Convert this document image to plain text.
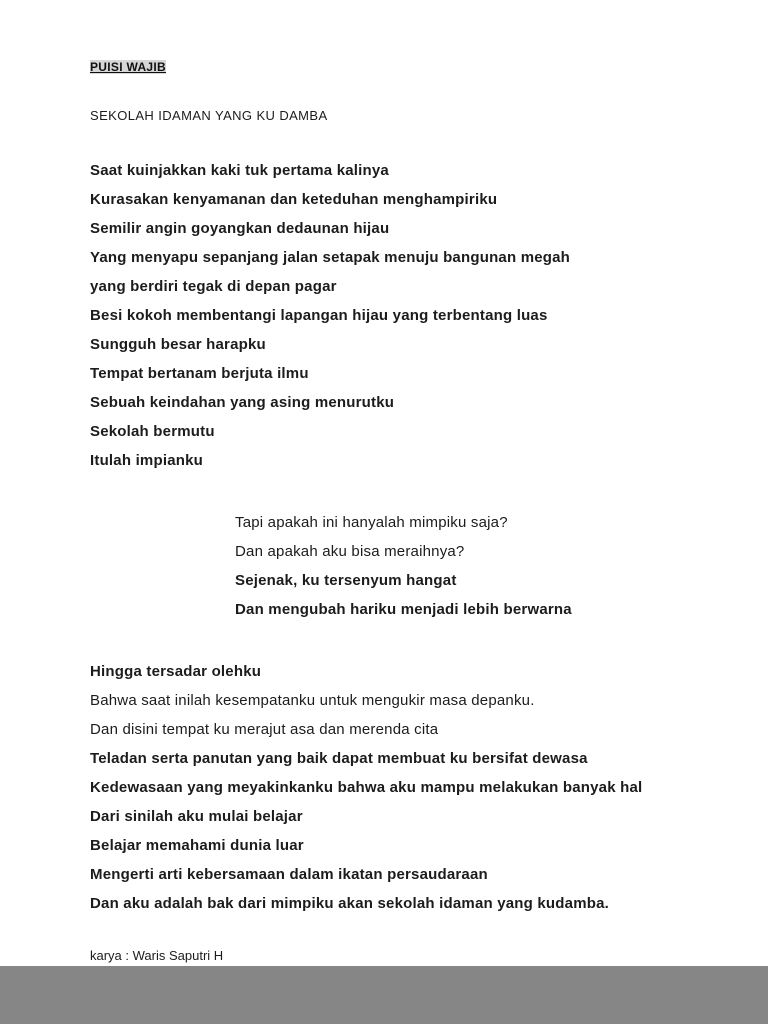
PUISI WAJIB
SEKOLAH IDAMAN YANG KU DAMBA
Saat kuinjakkan kaki tuk pertama kalinya
Kurasakan kenyamanan dan keteduhan menghampiriku
Semilir angin goyangkan dedaunan hijau
Yang menyapu sepanjang jalan setapak menuju bangunan megah
yang berdiri tegak di depan pagar
Besi kokoh membentangi lapangan hijau yang terbentang luas
Sungguh besar harapku
Tempat bertanam berjuta ilmu
Sebuah keindahan yang asing menurutku
Sekolah bermutu
Itulah impianku
Tapi apakah ini hanyalah mimpiku saja?
Dan apakah aku bisa meraihnya?
Sejenak, ku tersenyum hangat
Dan mengubah hariku menjadi lebih berwarna
Hingga tersadar olehku
Bahwa saat inilah kesempatanku untuk mengukir masa depanku.
Dan disini tempat ku merajut asa dan merenda cita
Teladan serta panutan yang baik dapat membuat ku bersifat dewasa
Kedewasaan yang meyakinkanku bahwa aku mampu melakukan banyak hal
Dari sinilah aku mulai belajar
Belajar memahami dunia luar
Mengerti arti kebersamaan dalam ikatan persaudaraan
Dan aku adalah bak dari mimpiku akan sekolah idaman yang kudamba.
karya : Waris Saputri H
